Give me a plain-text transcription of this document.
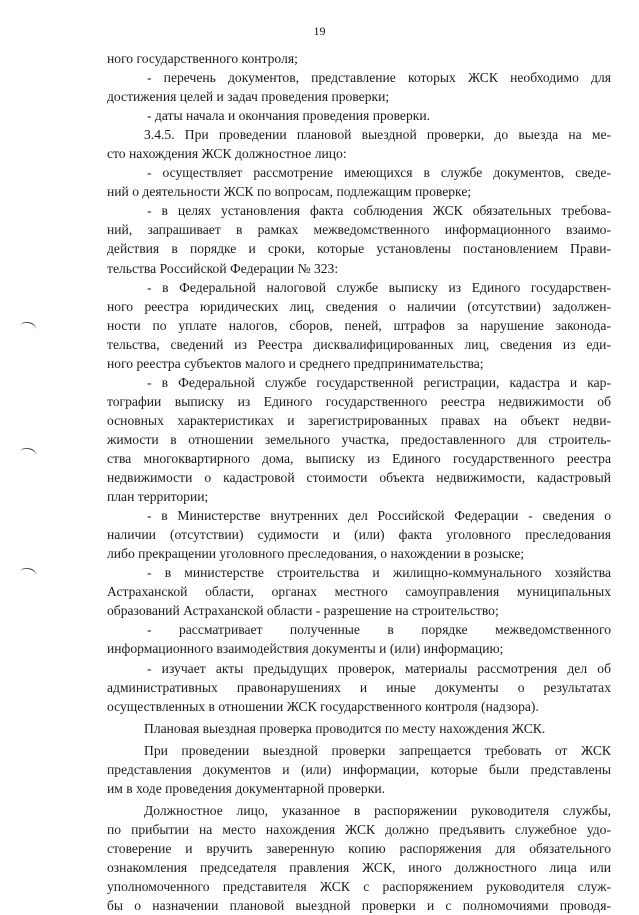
19
ного государственного контроля;
- перечень документов, представление которых ЖСК необходимо для
достижения целей и задач проведения проверки;
- даты начала и окончания проведения проверки.
3.4.5. При проведении плановой выездной проверки, до выезда на ме-
сто нахождения ЖСК должностное лицо:
- осуществляет рассмотрение имеющихся в службе документов, сведе-
ний о деятельности ЖСК по вопросам, подлежащим проверке;
- в целях установления факта соблюдения ЖСК обязательных требова-
ний, запрашивает в рамках межведомственного информационного взаимо-
действия в порядке и сроки, которые установлены постановлением Прави-
тельства Российской Федерации № 323:
- в Федеральной налоговой службе выписку из Единого государствен-
ного реестра юридических лиц, сведения о наличии (отсутствии) задолжен-
ности по уплате налогов, сборов, пеней, штрафов за нарушение законода-
тельства, сведений из Реестра дисквалифицированных лиц, сведения из еди-
ного реестра субъектов малого и среднего предпринимательства;
- в Федеральной службе государственной регистрации, кадастра и кар-
тографии выписку из Единого государственного реестра недвижимости об
основных характеристиках и зарегистрированных правах на объект недви-
жимости в отношении земельного участка, предоставленного для строитель-
ства многоквартирного дома, выписку из Единого государственного реестра
недвижимости о кадастровой стоимости объекта недвижимости, кадастровый
план территории;
- в Министерстве внутренних дел Российской Федерации - сведения о
наличии (отсутствии) судимости и (или) факта уголовного преследования
либо прекращении уголовного преследования, о нахождении в розыске;
- в министерстве строительства и жилищно-коммунального хозяйства
Астраханской области, органах местного самоуправления муниципальных
образований Астраханской области - разрешение на строительство;
- рассматривает полученные в порядке межведомственного
информационного взаимодействия документы и (или) информацию;
- изучает акты предыдущих проверок, материалы рассмотрения дел об
административных правонарушениях и иные документы о результатах
осуществленных в отношении ЖСК государственного контроля (надзора).
Плановая выездная проверка проводится по месту нахождения ЖСК.
При проведении выездной проверки запрещается требовать от ЖСК
представления документов и (или) информации, которые были представлены
им в ходе проведения документарной проверки.
Должностное лицо, указанное в распоряжении руководителя службы,
по прибытии на место нахождения ЖСК должно предъявить служебное удо-
стоверение и вручить заверенную копию распоряжения для обязательного
ознакомления председателя правления ЖСК, иного должностного лица или
уполномоченного представителя ЖСК с распоряжением руководителя служ-
бы о назначении плановой выездной проверки и с полномочиями проводя-
